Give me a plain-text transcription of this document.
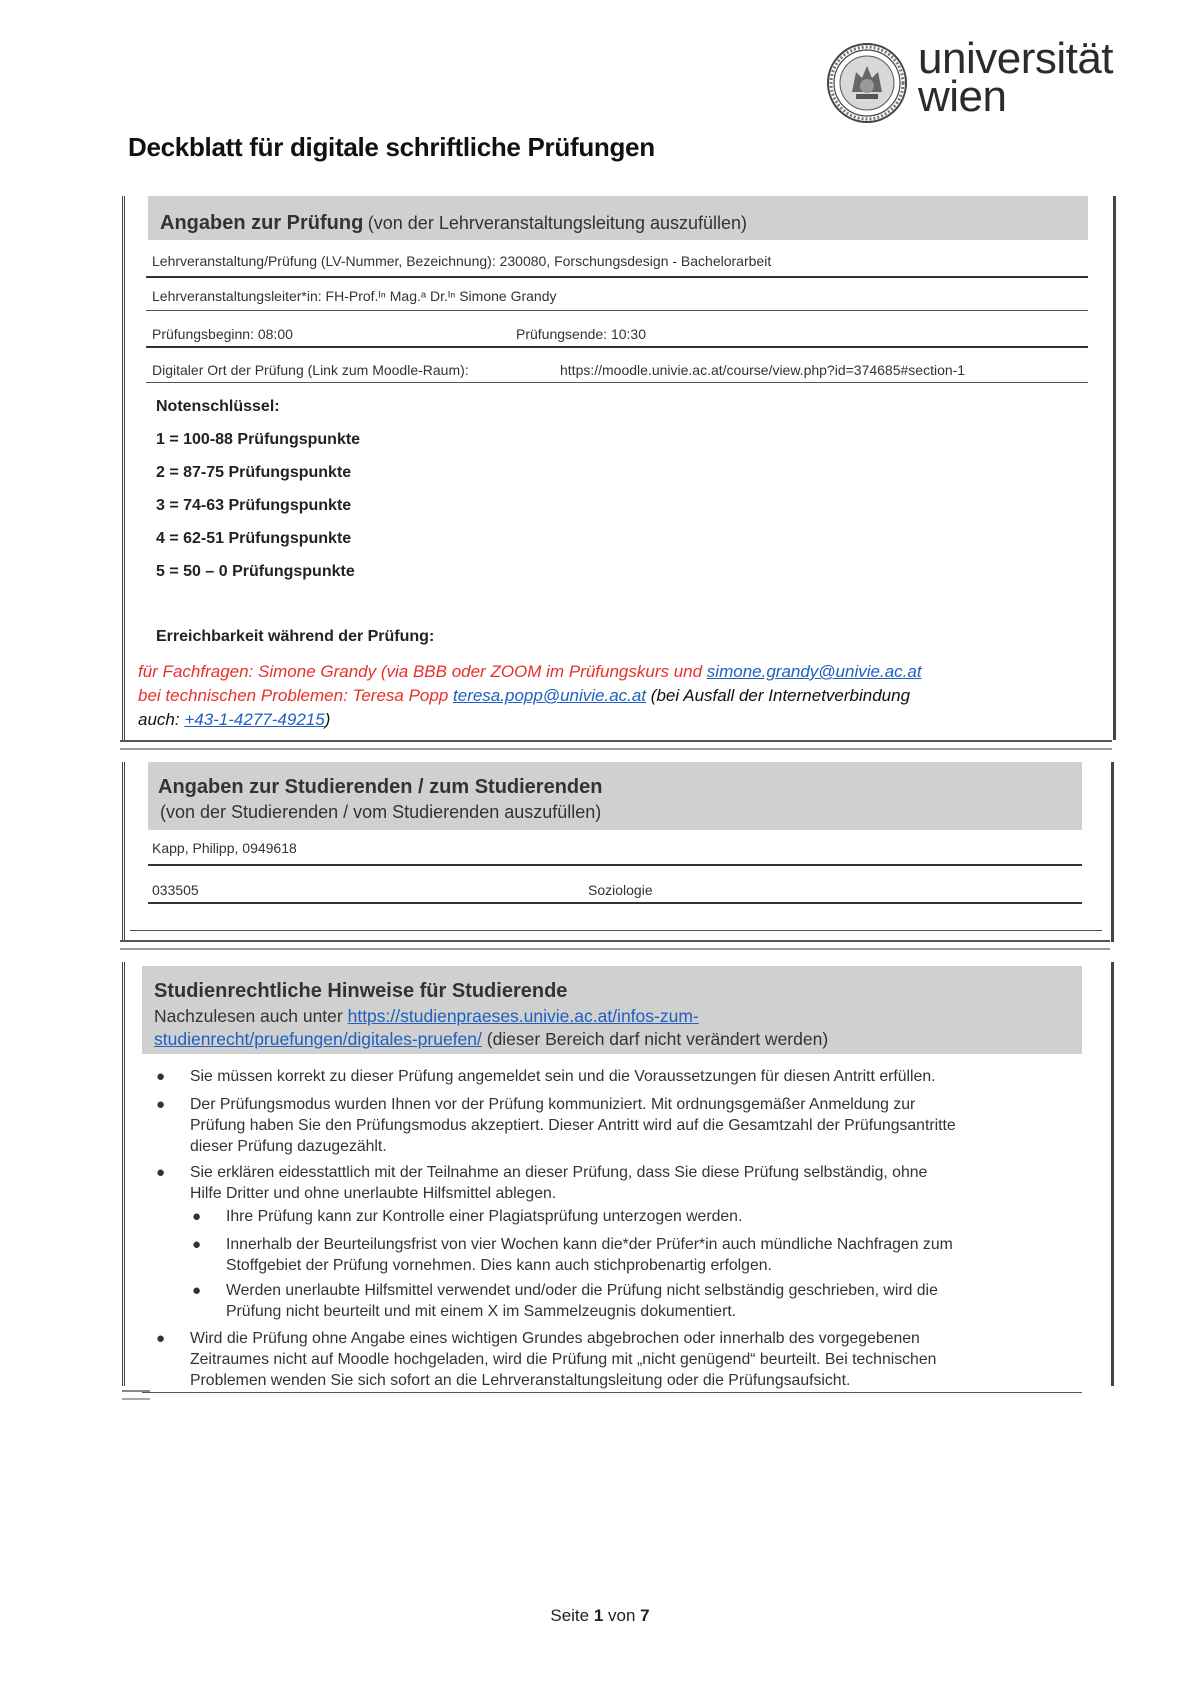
universität
wien
Deckblatt für digitale schriftliche Prüfungen
Angaben zur Prüfung (von der Lehrveranstaltungsleitung auszufüllen)
Lehrveranstaltung/Prüfung (LV-Nummer, Bezeichnung): 230080, Forschungsdesign - Bachelorarbeit
Lehrveranstaltungsleiter*in: FH-Prof.ᴵⁿ Mag.ᵃ Dr.ᴵⁿ Simone Grandy
Prüfungsbeginn: 08:00	Prüfungsende: 10:30
Digitaler Ort der Prüfung (Link zum Moodle-Raum):	https://moodle.univie.ac.at/course/view.php?id=374685#section-1
Notenschlüssel:
1 = 100-88 Prüfungspunkte
2 = 87-75 Prüfungspunkte
3 = 74-63 Prüfungspunkte
4 = 62-51 Prüfungspunkte
5 = 50 – 0 Prüfungspunkte
Erreichbarkeit während der Prüfung:
für Fachfragen: Simone Grandy (via BBB oder ZOOM im Prüfungskurs und simone.grandy@univie.ac.at
bei technischen Problemen: Teresa Popp teresa.popp@univie.ac.at (bei Ausfall der Internetverbindung
auch: +43-1-4277-49215)
Angaben zur Studierenden / zum Studierenden
(von der Studierenden / vom Studierenden auszufüllen)
Kapp, Philipp, 0949618
033505	Soziologie
Studienrechtliche Hinweise für Studierende
Nachzulesen auch unter https://studienpraeses.univie.ac.at/infos-zum-
studienrecht/pruefungen/digitales-pruefen/ (dieser Bereich darf nicht verändert werden)
● Sie müssen korrekt zu dieser Prüfung angemeldet sein und die Voraussetzungen für diesen Antritt erfüllen.
● Der Prüfungsmodus wurden Ihnen vor der Prüfung kommuniziert. Mit ordnungsgemäßer Anmeldung zur
Prüfung haben Sie den Prüfungsmodus akzeptiert. Dieser Antritt wird auf die Gesamtzahl der Prüfungsantritte
dieser Prüfung dazugezählt.
● Sie erklären eidesstattlich mit der Teilnahme an dieser Prüfung, dass Sie diese Prüfung selbständig, ohne
Hilfe Dritter und ohne unerlaubte Hilfsmittel ablegen.
● Ihre Prüfung kann zur Kontrolle einer Plagiatsprüfung unterzogen werden.
● Innerhalb der Beurteilungsfrist von vier Wochen kann die*der Prüfer*in auch mündliche Nachfragen zum
Stoffgebiet der Prüfung vornehmen. Dies kann auch stichprobenartig erfolgen.
● Werden unerlaubte Hilfsmittel verwendet und/oder die Prüfung nicht selbständig geschrieben, wird die
Prüfung nicht beurteilt und mit einem X im Sammelzeugnis dokumentiert.
● Wird die Prüfung ohne Angabe eines wichtigen Grundes abgebrochen oder innerhalb des vorgegebenen
Zeitraumes nicht auf Moodle hochgeladen, wird die Prüfung mit „nicht genügend“ beurteilt. Bei technischen
Problemen wenden Sie sich sofort an die Lehrveranstaltungsleitung oder die Prüfungsaufsicht.
Seite 1 von 7
